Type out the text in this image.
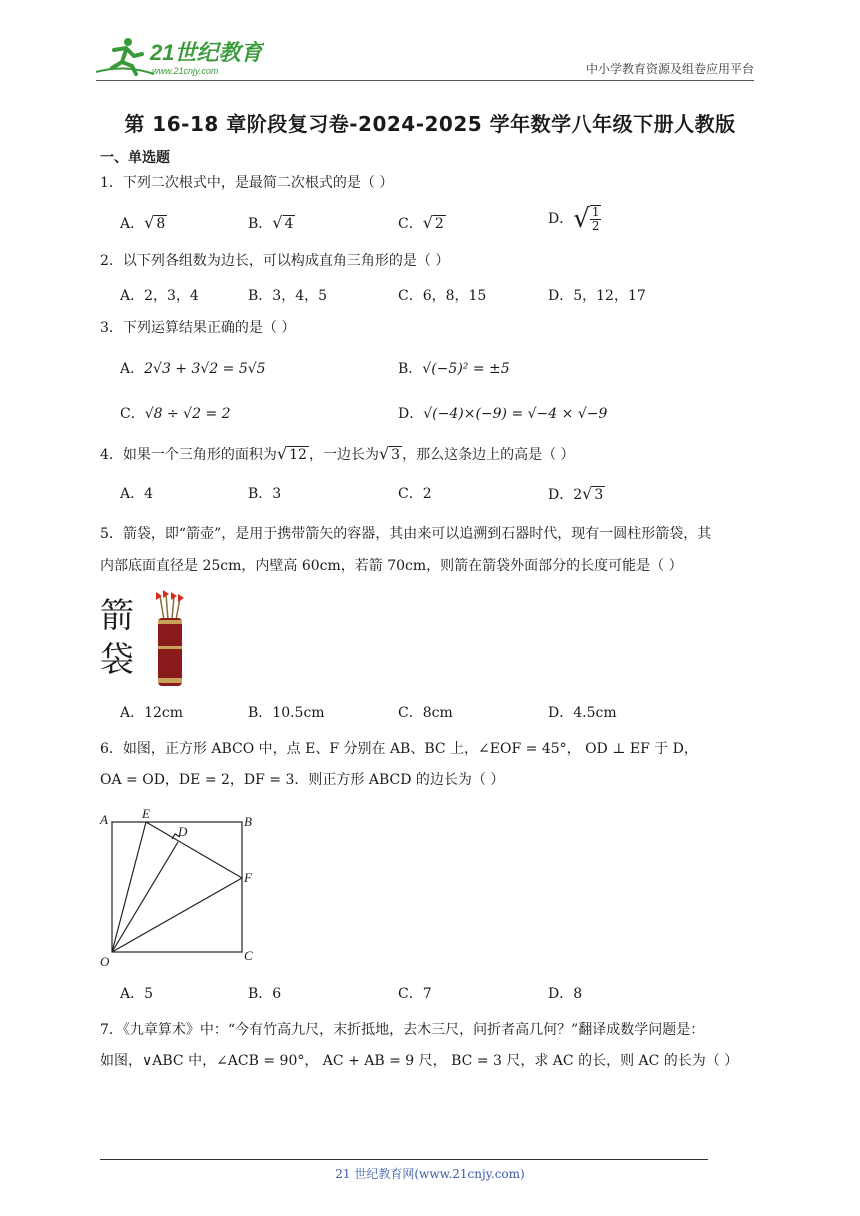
21世纪教育
www.21cnjy.com	中小学教育资源及组卷应用平台
第 16-18 章阶段复习卷-2024-2025 学年数学八年级下册人教版
一、单选题
1．下列二次根式中，是最简二次根式的是（ ）
A．√ 8	B．√ 4	C．√ 2	D．√ $\frac{1}{2}$
2．以下列各组数为边长，可以构成直角三角形的是（ ）
A．2，3，4	B．3，4，5	C．6，8，15	D．5，12，17
3．下列运算结果正确的是（ ）
A．2√3 + 3√2 = 5√5	B．√(−5)² = ±5
C．√8 ÷ √2 = 2	D．√(−4)×(−9) = √−4 × √−9
4．如果一个三角形的面积为√ 12 ，一边长为√ 3 ，那么这条边上的高是（ ）
A．4	B．3	C．2	D．2√ 3
5．箭袋，即“箭壶”，是用于携带箭矢的容器，其由来可以追溯到石器时代，现有一圆柱形箭袋，其
内部底面直径是 25cm，内壁高 60cm，若箭 70cm，则箭在箭袋外面部分的长度可能是（ ）
箭
袋
A．12cm	B．10.5cm	C．8cm	D．4.5cm
6．如图，正方形 ABCO 中，点 E、F 分别在 AB、BC 上，∠EOF = 45°， OD ⊥ EF 于 D，
OA = OD，DE = 2，DF = 3．则正方形 ABCD 的边长为（ ）
A	B
C
O
E
F
D
A．5	B．6	C．7	D．8
7．《九章算术》中：“今有竹高九尺，末折抵地，去木三尺，问折者高几何？”翻译成数学问题是：
如图，∨ABC 中，∠ACB = 90°， AC + AB = 9 尺， BC = 3 尺，求 AC 的长，则 AC 的长为（ ）
21 世纪教育网(www.21cnjy.com)
